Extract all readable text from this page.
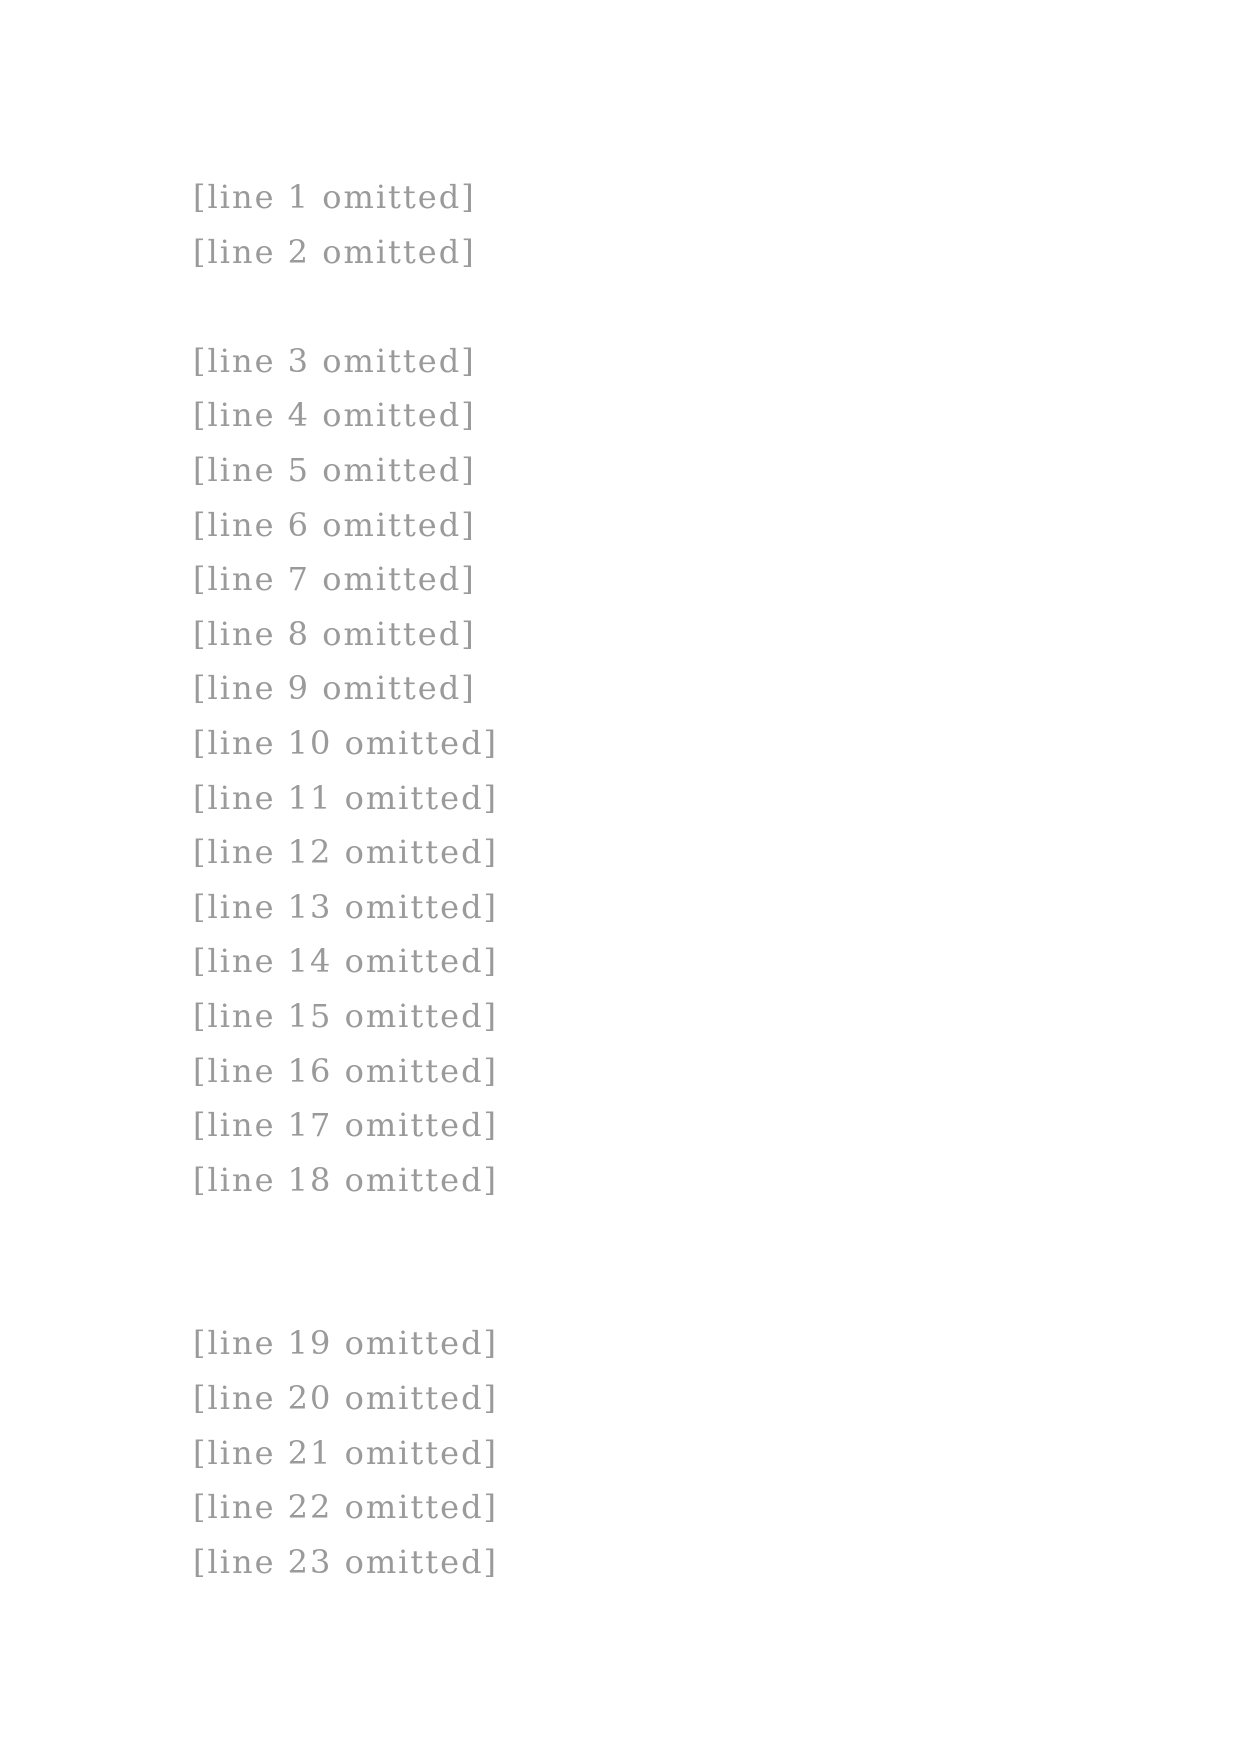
[line 1 omitted]
[line 2 omitted]
[line 3 omitted]
[line 4 omitted]
[line 5 omitted]
[line 6 omitted]
[line 7 omitted]
[line 8 omitted]
[line 9 omitted]
[line 10 omitted]
[line 11 omitted]
[line 12 omitted]
[line 13 omitted]
[line 14 omitted]
[line 15 omitted]
[line 16 omitted]
[line 17 omitted]
[line 18 omitted]
[line 19 omitted]
[line 20 omitted]
[line 21 omitted]
[line 22 omitted]
[line 23 omitted]
